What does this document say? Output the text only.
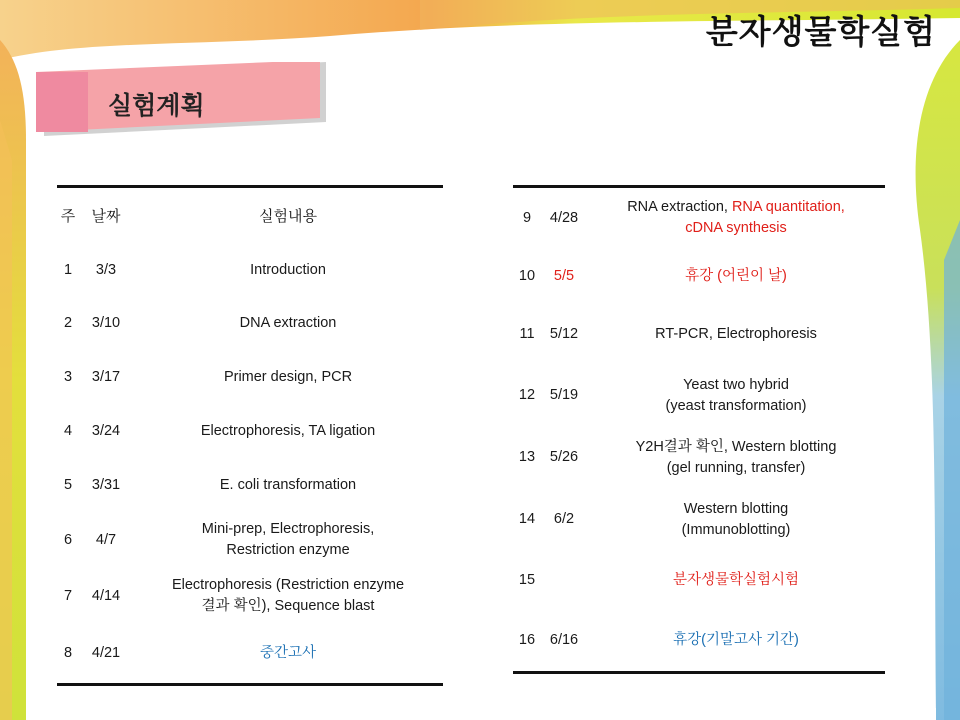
분자생물학실험
실험계획
주	날짜	실험내용
1	3/3	Introduction
2	3/10	DNA extraction
3	3/17	Primer design, PCR
4	3/24	Electrophoresis, TA ligation
5	3/31	E. coli transformation
6	4/7	Mini-prep, Electrophoresis,
Restriction enzyme

7	4/14	Electrophoresis (Restriction enzyme
결과 확인), Sequence blast

8	4/21	중간고사
9	4/28	RNA extraction, RNA quantitation,
cDNA synthesis

10	5/5	휴강 (어린이 날)
11	5/12	RT-PCR, Electrophoresis
12	5/19	Yeast two hybrid
(yeast transformation)

13	5/26	Y2H결과 확인, Western blotting
(gel running, transfer)

14	6/2	Western blotting
(Immunoblotting)

15		분자생물학실험시험
16	6/16	휴강(기말고사 기간)
